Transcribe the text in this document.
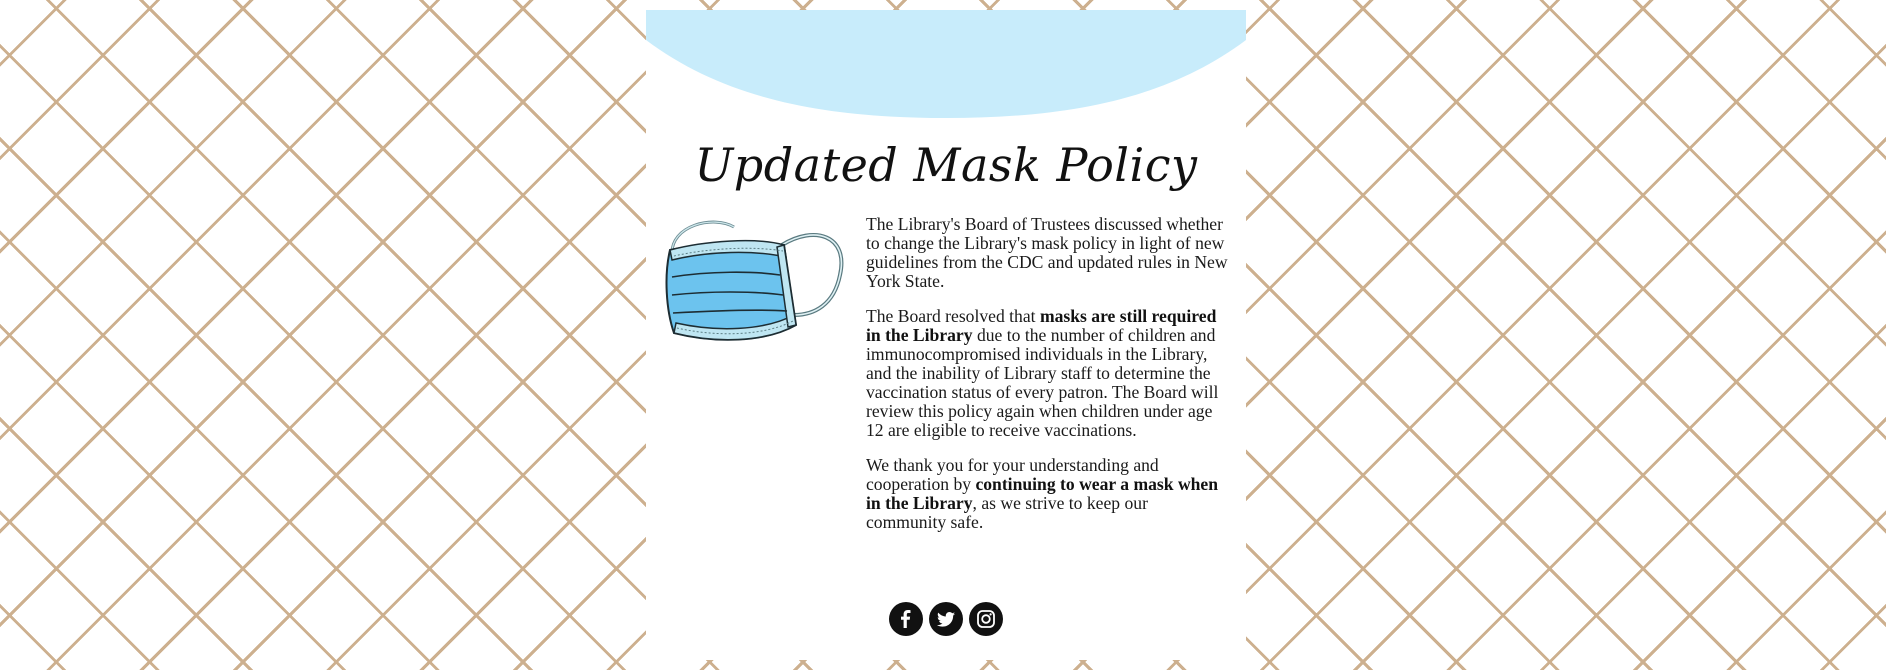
Updated Mask Policy

The Library's Board of Trustees discussed whether to change the Library's mask policy in light of new guidelines from the CDC and updated rules in New York State.

The Board resolved that masks are still required in the Library due to the number of children and immunocompromised individuals in the Library, and the inability of Library staff to determine the vaccination status of every patron. The Board will review this policy again when children under age 12 are eligible to receive vaccinations.

We thank you for your understanding and cooperation by continuing to wear a mask when in the Library, as we strive to keep our community safe.
